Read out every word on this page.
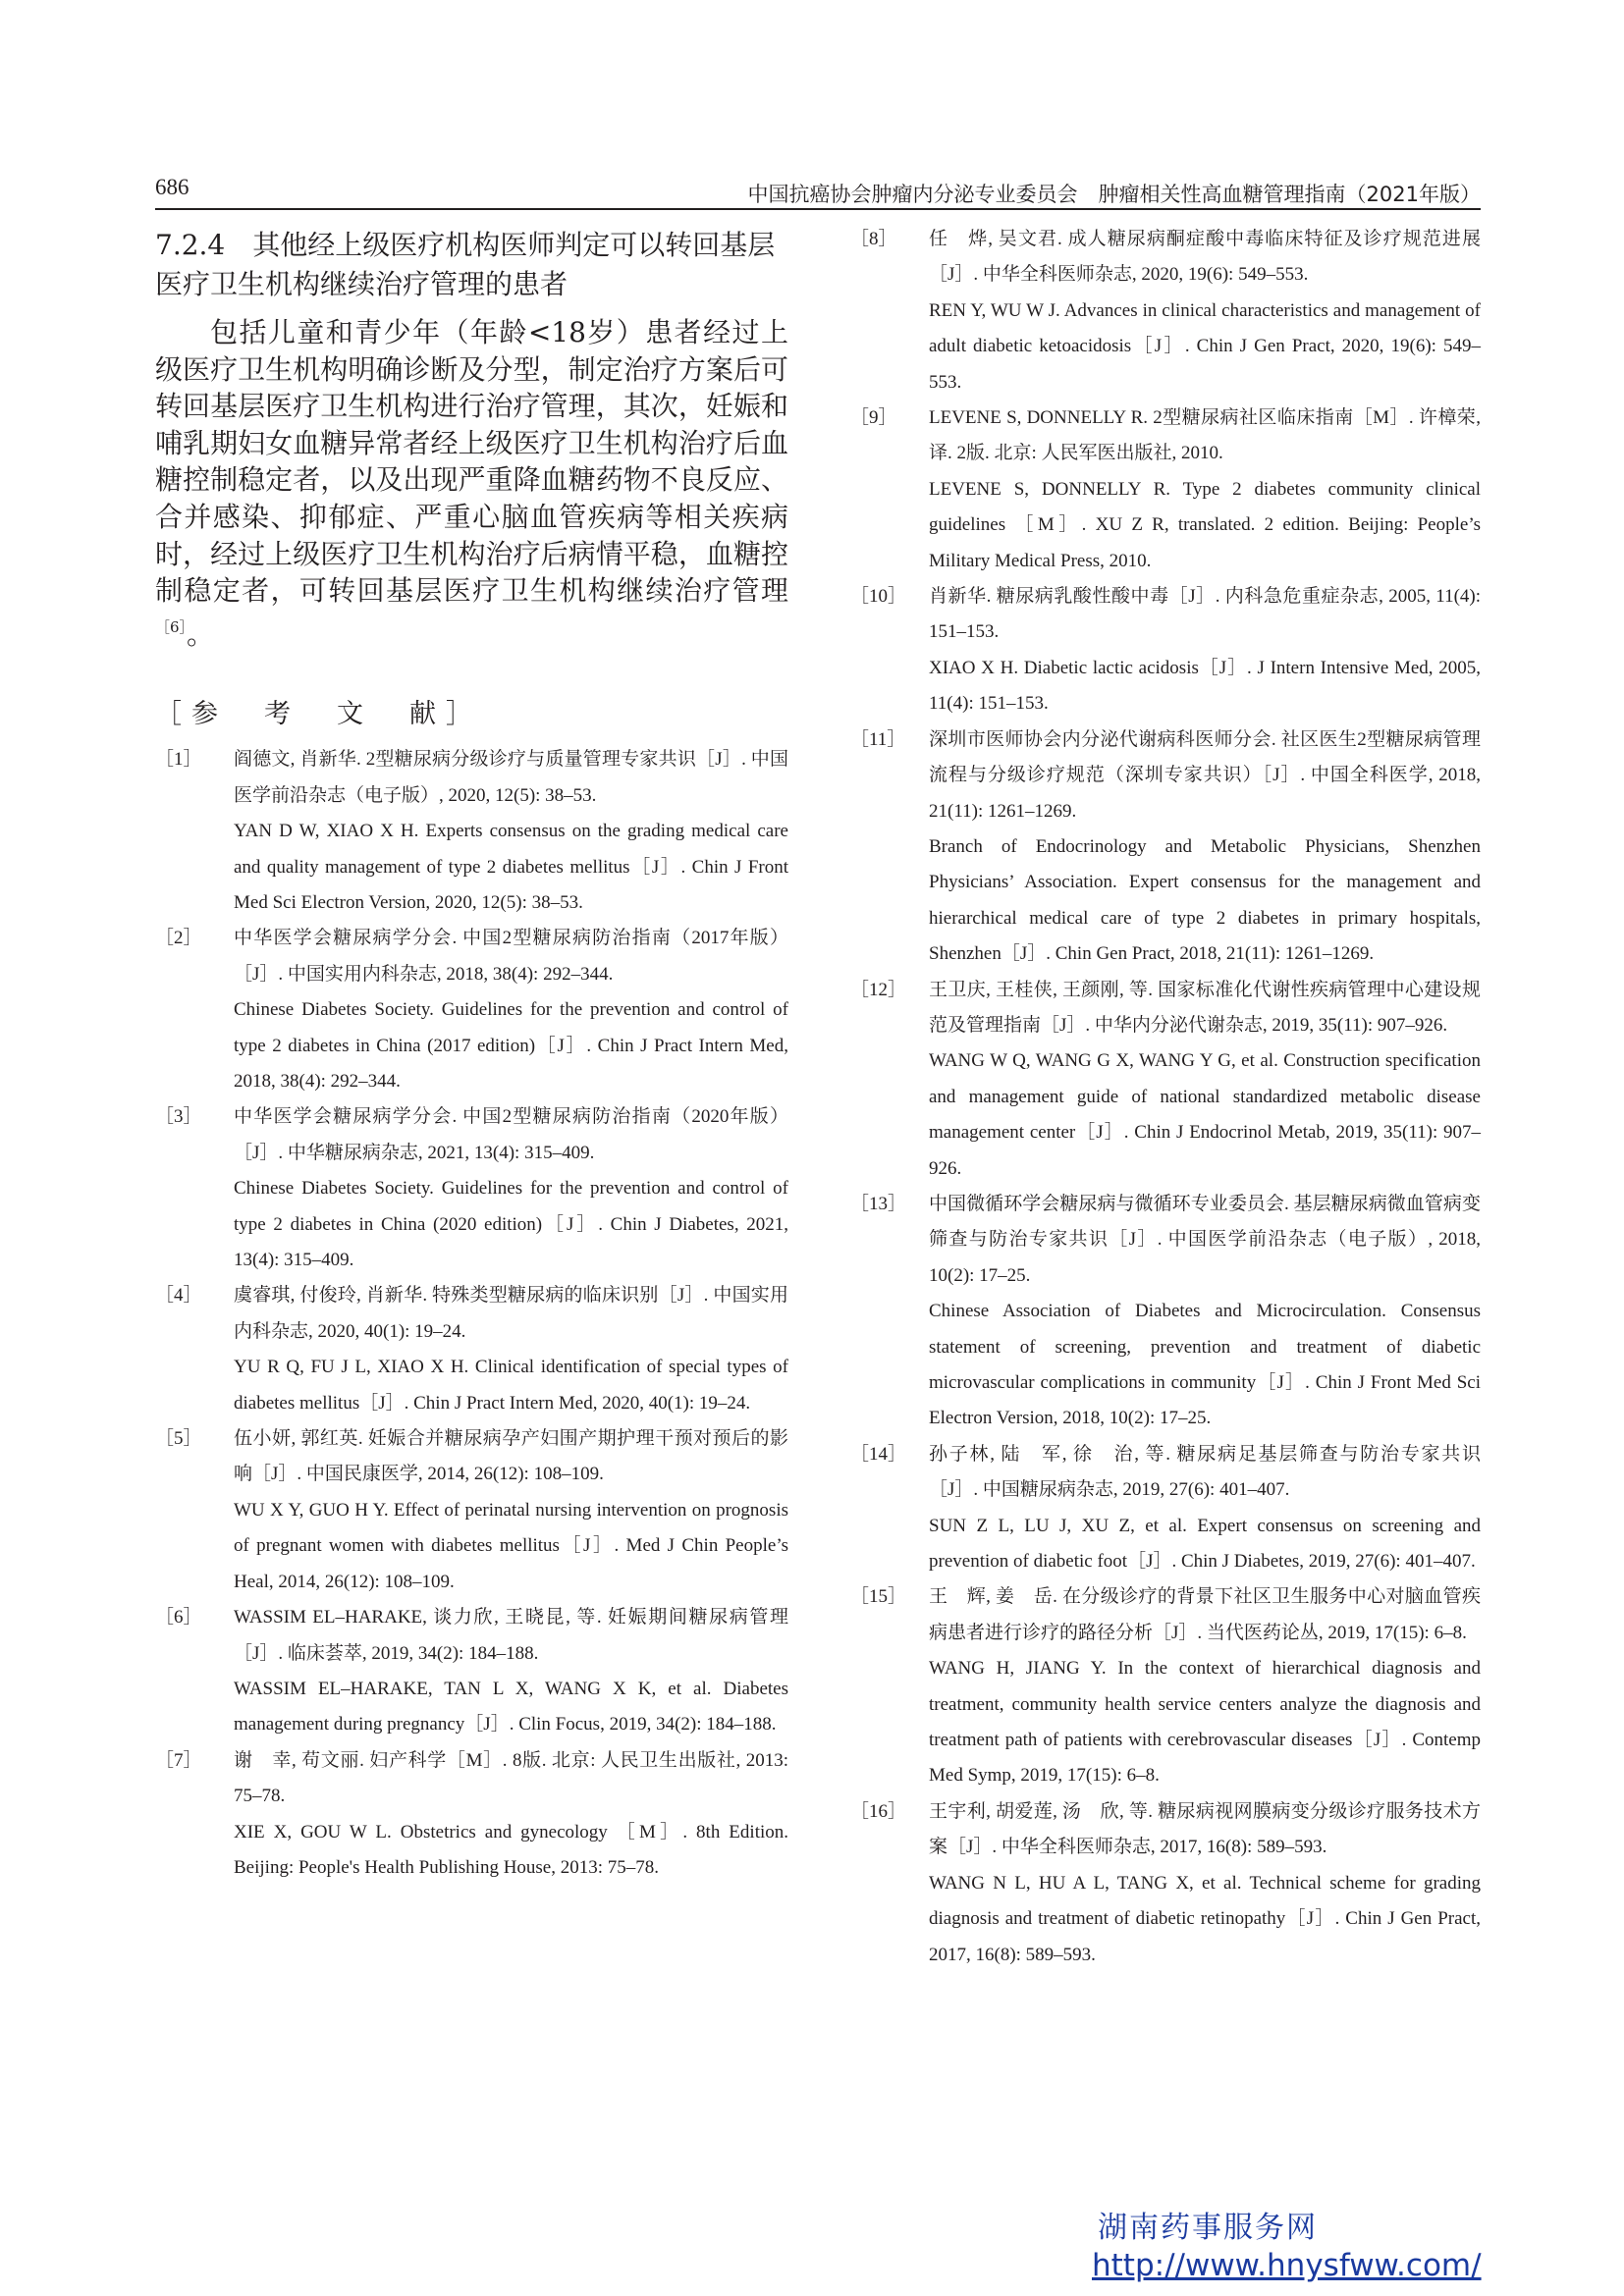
686	中国抗癌协会肿瘤内分泌专业委员会　肿瘤相关性高血糖管理指南（2021年版）
7.2.4　其他经上级医疗机构医师判定可以转回基层医疗卫生机构继续治疗管理的患者

包括儿童和青少年（年龄<18岁）患者经过上级医疗卫生机构明确诊断及分型，制定治疗方案后可转回基层医疗卫生机构进行治疗管理，其次，妊娠和哺乳期妇女血糖异常者经上级医疗卫生机构治疗后血糖控制稳定者，以及出现严重降血糖药物不良反应、合并感染、抑郁症、严重心脑血管疾病等相关疾病时，经过上级医疗卫生机构治疗后病情平稳，血糖控制稳定者，可转回基层医疗卫生机构继续治疗管理$^{[6]}$。

［参　考　文　献］
［1］	阎德文, 肖新华. 2型糖尿病分级诊疗与质量管理专家共识［J］. 中国医学前沿杂志（电子版）, 2020, 12(5): 38–53.
YAN D W, XIAO X H. Experts consensus on the grading medical care and quality management of type 2 diabetes mellitus［J］. Chin J Front Med Sci Electron Version, 2020, 12(5): 38–53.
［2］	中华医学会糖尿病学分会. 中国2型糖尿病防治指南（2017年版）［J］. 中国实用内科杂志, 2018, 38(4): 292–344.
Chinese Diabetes Society. Guidelines for the prevention and control of type 2 diabetes in China (2017 edition)［J］. Chin J Pract Intern Med, 2018, 38(4): 292–344.
［3］	中华医学会糖尿病学分会. 中国2型糖尿病防治指南（2020年版）［J］. 中华糖尿病杂志, 2021, 13(4): 315–409.
Chinese Diabetes Society. Guidelines for the prevention and control of type 2 diabetes in China (2020 edition)［J］. Chin J Diabetes, 2021, 13(4): 315–409.
［4］	虞睿琪, 付俊玲, 肖新华. 特殊类型糖尿病的临床识别［J］. 中国实用内科杂志, 2020, 40(1): 19–24.
YU R Q, FU J L, XIAO X H. Clinical identification of special types of diabetes mellitus［J］. Chin J Pract Intern Med, 2020, 40(1): 19–24.
［5］	伍小妍, 郭红英. 妊娠合并糖尿病孕产妇围产期护理干预对预后的影响［J］. 中国民康医学, 2014, 26(12): 108–109.
WU X Y, GUO H Y. Effect of perinatal nursing intervention on prognosis of pregnant women with diabetes mellitus［J］. Med J Chin People’s Heal, 2014, 26(12): 108–109.
［6］	WASSIM EL–HARAKE, 谈力欣, 王晓昆, 等. 妊娠期间糖尿病管理［J］. 临床荟萃, 2019, 34(2): 184–188.
WASSIM EL–HARAKE, TAN L X, WANG X K, et al. Diabetes management during pregnancy［J］. Clin Focus, 2019, 34(2): 184–188.
［7］	谢　幸, 苟文丽. 妇产科学［M］. 8版. 北京: 人民卫生出版社, 2013: 75–78.
XIE X, GOU W L. Obstetrics and gynecology ［M］. 8th Edition. Beijing: People's Health Publishing House, 2013: 75–78.
［8］	任　烨, 吴文君. 成人糖尿病酮症酸中毒临床特征及诊疗规范进展［J］. 中华全科医师杂志, 2020, 19(6): 549–553.
REN Y, WU W J. Advances in clinical characteristics and management of adult diabetic ketoacidosis［J］. Chin J Gen Pract, 2020, 19(6): 549–553.
［9］	LEVENE S, DONNELLY R. 2型糖尿病社区临床指南［M］. 许樟荣, 译. 2版. 北京: 人民军医出版社, 2010.
LEVENE S, DONNELLY R. Type 2 diabetes community clinical guidelines ［M］. XU Z R, translated. 2 edition. Beijing: People’s Military Medical Press, 2010.
［10］	肖新华. 糖尿病乳酸性酸中毒［J］. 内科急危重症杂志, 2005, 11(4): 151–153.
XIAO X H. Diabetic lactic acidosis［J］. J Intern Intensive Med, 2005, 11(4): 151–153.
［11］	深圳市医师协会内分泌代谢病科医师分会. 社区医生2型糖尿病管理流程与分级诊疗规范（深圳专家共识）［J］. 中国全科医学, 2018, 21(11): 1261–1269.
Branch of Endocrinology and Metabolic Physicians, Shenzhen Physicians’ Association. Expert consensus for the management and hierarchical medical care of type 2 diabetes in primary hospitals, Shenzhen［J］. Chin Gen Pract, 2018, 21(11): 1261–1269.
［12］	王卫庆, 王桂侠, 王颜刚, 等. 国家标准化代谢性疾病管理中心建设规范及管理指南［J］. 中华内分泌代谢杂志, 2019, 35(11): 907–926.
WANG W Q, WANG G X, WANG Y G, et al. Construction specification and management guide of national standardized metabolic disease management center［J］. Chin J Endocrinol Metab, 2019, 35(11): 907–926.
［13］	中国微循环学会糖尿病与微循环专业委员会. 基层糖尿病微血管病变筛查与防治专家共识［J］. 中国医学前沿杂志（电子版）, 2018, 10(2): 17–25.
Chinese Association of Diabetes and Microcirculation. Consensus statement of screening, prevention and treatment of diabetic microvascular complications in community［J］. Chin J Front Med Sci Electron Version, 2018, 10(2): 17–25.
［14］	孙子林, 陆　军, 徐　治, 等. 糖尿病足基层筛查与防治专家共识［J］. 中国糖尿病杂志, 2019, 27(6): 401–407.
SUN Z L, LU J, XU Z, et al. Expert consensus on screening and prevention of diabetic foot［J］. Chin J Diabetes, 2019, 27(6): 401–407.
［15］	王　辉, 姜　岳. 在分级诊疗的背景下社区卫生服务中心对脑血管疾病患者进行诊疗的路径分析［J］. 当代医药论丛, 2019, 17(15): 6–8.
WANG H, JIANG Y. In the context of hierarchical diagnosis and treatment, community health service centers analyze the diagnosis and treatment path of patients with cerebrovascular diseases［J］. Contemp Med Symp, 2019, 17(15): 6–8.
［16］	王宇利, 胡爱莲, 汤　欣, 等. 糖尿病视网膜病变分级诊疗服务技术方案［J］. 中华全科医师杂志, 2017, 16(8): 589–593.
WANG N L, HU A L, TANG X, et al. Technical scheme for grading diagnosis and treatment of diabetic retinopathy［J］. Chin J Gen Pract, 2017, 16(8): 589–593.
湖南药事服务网
http://www.hnysfww.com/
